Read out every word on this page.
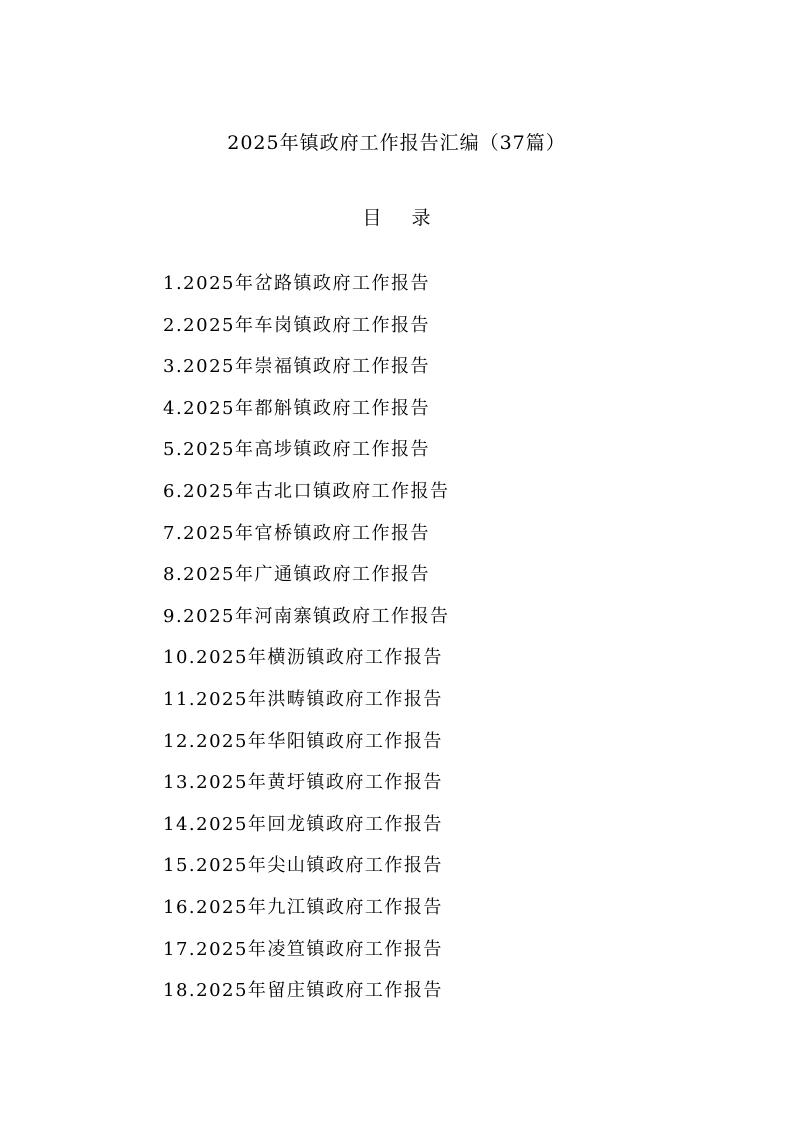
2025年镇政府工作报告汇编（37篇）
目 录
1.2025年岔路镇政府工作报告
2.2025年车岗镇政府工作报告
3.2025年崇福镇政府工作报告
4.2025年都斛镇政府工作报告
5.2025年高埗镇政府工作报告
6.2025年古北口镇政府工作报告
7.2025年官桥镇政府工作报告
8.2025年广通镇政府工作报告
9.2025年河南寨镇政府工作报告
10.2025年横沥镇政府工作报告
11.2025年洪畴镇政府工作报告
12.2025年华阳镇政府工作报告
13.2025年黄圩镇政府工作报告
14.2025年回龙镇政府工作报告
15.2025年尖山镇政府工作报告
16.2025年九江镇政府工作报告
17.2025年凌笪镇政府工作报告
18.2025年留庄镇政府工作报告
